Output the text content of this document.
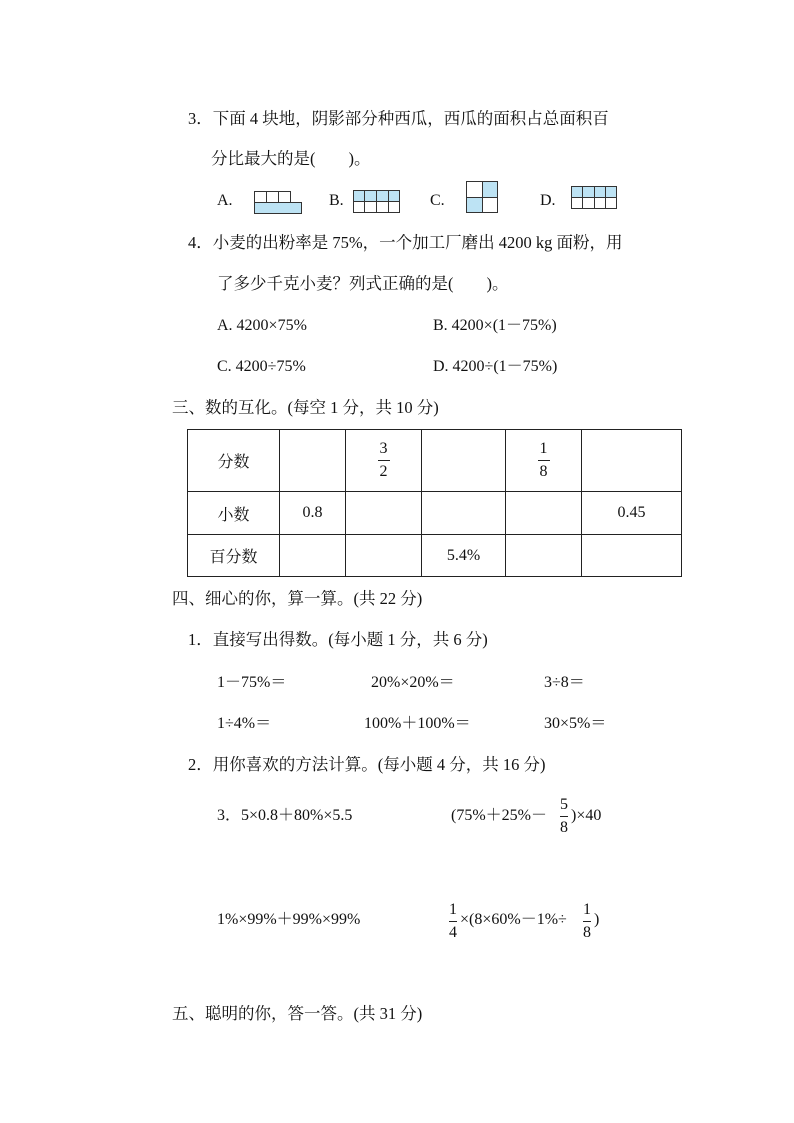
3．下面 4 块地，阴影部分种西瓜，西瓜的面积占总面积百
分比最大的是(　　)。
A.	B.	C.	D.
4．小麦的出粉率是 75%，一个加工厂磨出 4200 kg 面粉，用
了多少千克小麦？列式正确的是(　　)。
A. 4200×75%	B. 4200×(1－75%)
C. 4200÷75%	D. 4200÷(1－75%)
三、数的互化。(每空 1 分，共 10 分)
分数		$\frac{3}{2}$		$\frac{1}{8}$

小数	0.8				0.45
百分数			5.4%		
四、细心的你，算一算。(共 22 分)
1．直接写出得数。(每小题 1 分，共 6 分)
1－75%＝	20%×20%＝	3÷8＝
1÷4%＝	100%＋100%＝	30×5%＝
2．用你喜欢的方法计算。(每小题 4 分，共 16 分)
3．5×0.8＋80%×5.5	$(75\%+25\%- \frac{5}{8} )\times 40$
1%×99%＋99%×99%	$\frac{1}{4} \times(8\times 60\%-1\%\div \frac{1}{8}$ )
五、聪明的你，答一答。(共 31 分)
